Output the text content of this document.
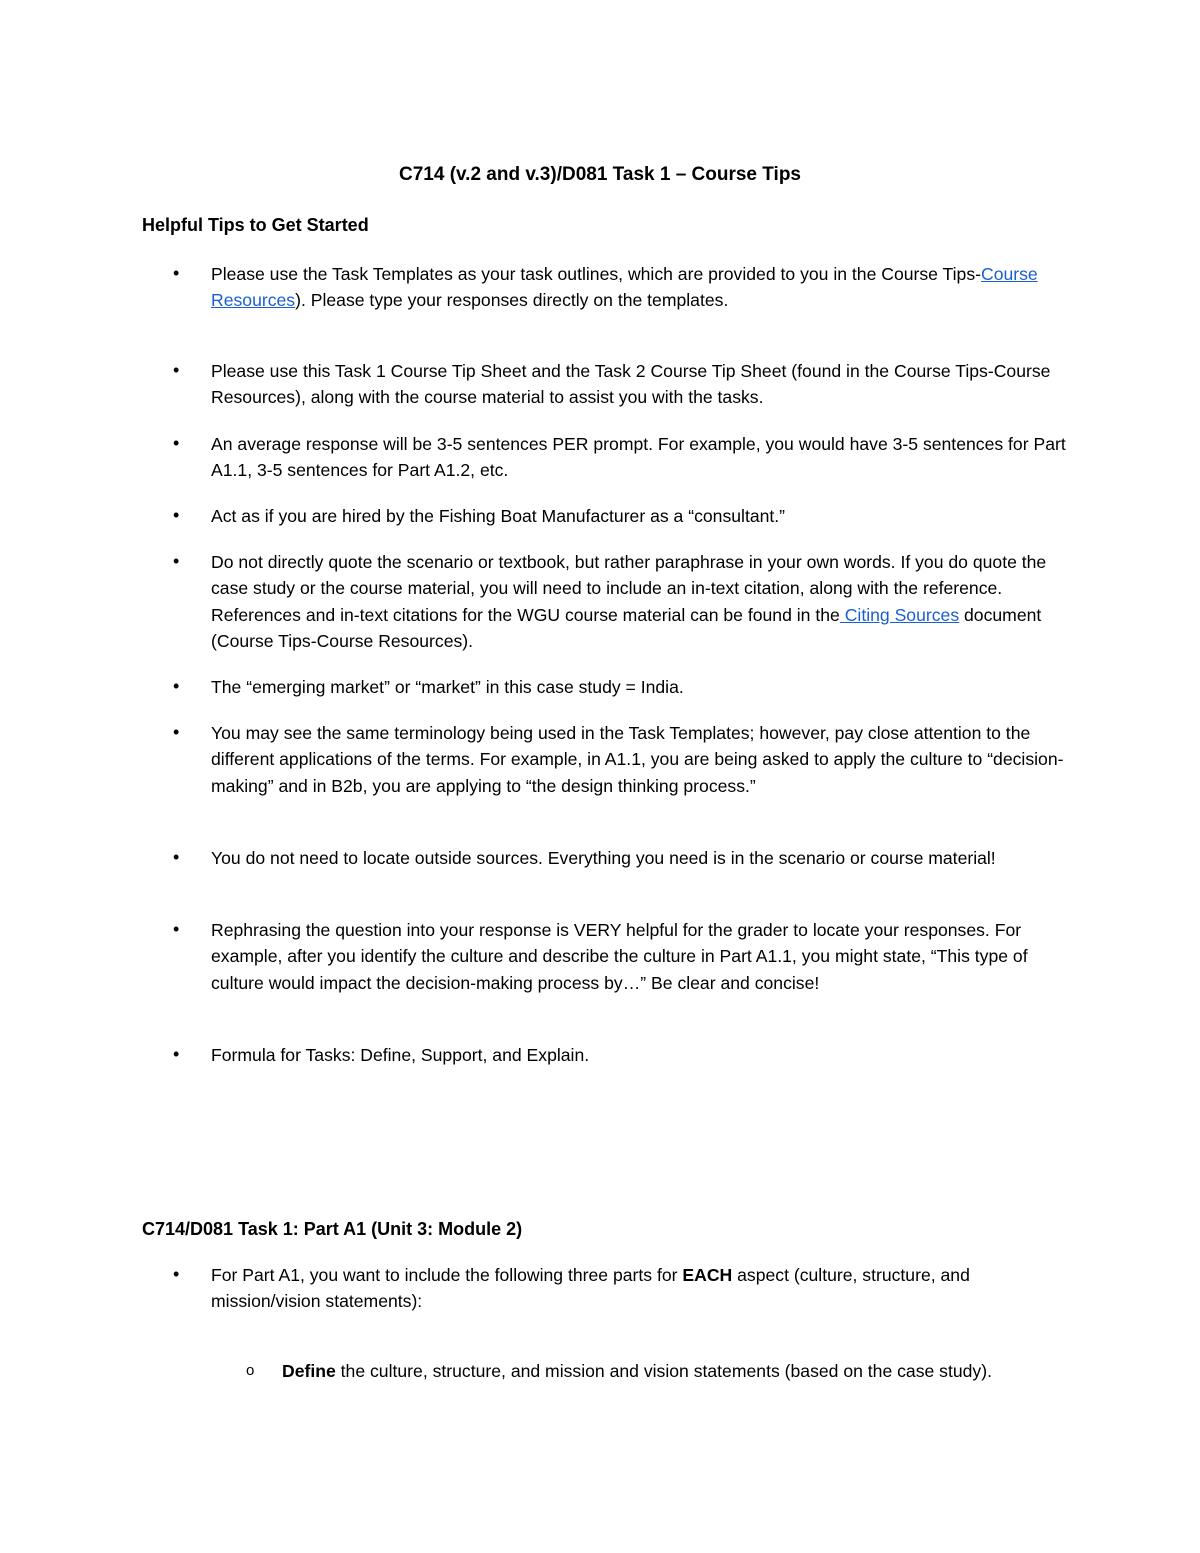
C714 (v.2 and v.3)/D081 Task 1 – Course Tips
Helpful Tips to Get Started
• Please use the Task Templates as your task outlines, which are provided to you in the Course Tips-Course Resources). Please type your responses directly on the templates.
• Please use this Task 1 Course Tip Sheet and the Task 2 Course Tip Sheet (found in the Course Tips-Course Resources), along with the course material to assist you with the tasks.
• An average response will be 3-5 sentences PER prompt. For example, you would have 3-5 sentences for Part A1.1, 3-5 sentences for Part A1.2, etc.
• Act as if you are hired by the Fishing Boat Manufacturer as a “consultant.”
• Do not directly quote the scenario or textbook, but rather paraphrase in your own words. If you do quote the case study or the course material, you will need to include an in-text citation, along with the reference. References and in-text citations for the WGU course material can be found in the Citing Sources document (Course Tips-Course Resources).
• The “emerging market” or “market” in this case study = India.
• You may see the same terminology being used in the Task Templates; however, pay close attention to the different applications of the terms. For example, in A1.1, you are being asked to apply the culture to “decision-making” and in B2b, you are applying to “the design thinking process.”
• You do not need to locate outside sources. Everything you need is in the scenario or course material!
• Rephrasing the question into your response is VERY helpful for the grader to locate your responses. For example, after you identify the culture and describe the culture in Part A1.1, you might state, “This type of culture would impact the decision-making process by…” Be clear and concise!
• Formula for Tasks: Define, Support, and Explain.
C714/D081 Task 1: Part A1 (Unit 3: Module 2)
• For Part A1, you want to include the following three parts for EACH aspect (culture, structure, and mission/vision statements):
o Define the culture, structure, and mission and vision statements (based on the case study).
